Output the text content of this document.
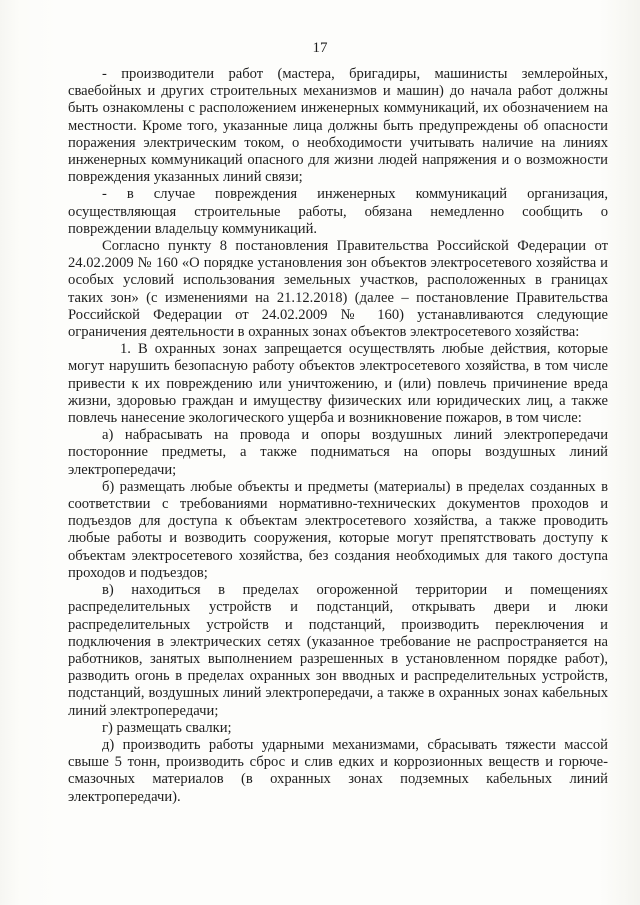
17

- производители работ (мастера, бригадиры, машинисты землеройных, сваебойных и других строительных механизмов и машин) до начала работ должны быть ознакомлены с расположением инженерных коммуникаций, их обозначением на местности. Кроме того, указанные лица должны быть предупреждены об опасности поражения электрическим током, о необходимости учитывать наличие на линиях инженерных коммуникаций опасного для жизни людей напряжения и о возможности повреждения указанных линий связи;

- в случае повреждения инженерных коммуникаций организация, осуществляющая строительные работы, обязана немедленно сообщить о повреждении владельцу коммуникаций.

Согласно пункту 8 постановления Правительства Российской Федерации от 24.02.2009 № 160 «О порядке установления зон объектов электросетевого хозяйства и особых условий использования земельных участков, расположенных в границах таких зон» (с изменениями на 21.12.2018) (далее – постановление Правительства Российской Федерации от 24.02.2009 № 160) устанавливаются следующие ограничения деятельности в охранных зонах объектов электросетевого хозяйства:

1. В охранных зонах запрещается осуществлять любые действия, которые могут нарушить безопасную работу объектов электросетевого хозяйства, в том числе привести к их повреждению или уничтожению, и (или) повлечь причинение вреда жизни, здоровью граждан и имуществу физических или юридических лиц, а также повлечь нанесение экологического ущерба и возникновение пожаров, в том числе:

а) набрасывать на провода и опоры воздушных линий электропередачи посторонние предметы, а также подниматься на опоры воздушных линий электропередачи;

б) размещать любые объекты и предметы (материалы) в пределах созданных в соответствии с требованиями нормативно-технических документов проходов и подъездов для доступа к объектам электросетевого хозяйства, а также проводить любые работы и возводить сооружения, которые могут препятствовать доступу к объектам электросетевого хозяйства, без создания необходимых для такого доступа проходов и подъездов;

в) находиться в пределах огороженной территории и помещениях распределительных устройств и подстанций, открывать двери и люки распределительных устройств и подстанций, производить переключения и подключения в электрических сетях (указанное требование не распространяется на работников, занятых выполнением разрешенных в установленном порядке работ), разводить огонь в пределах охранных зон вводных и распределительных устройств, подстанций, воздушных линий электропередачи, а также в охранных зонах кабельных линий электропередачи;

г) размещать свалки;

д) производить работы ударными механизмами, сбрасывать тяжести массой свыше 5 тонн, производить сброс и слив едких и коррозионных веществ и горюче-смазочных материалов (в охранных зонах подземных кабельных линий электропередачи).
